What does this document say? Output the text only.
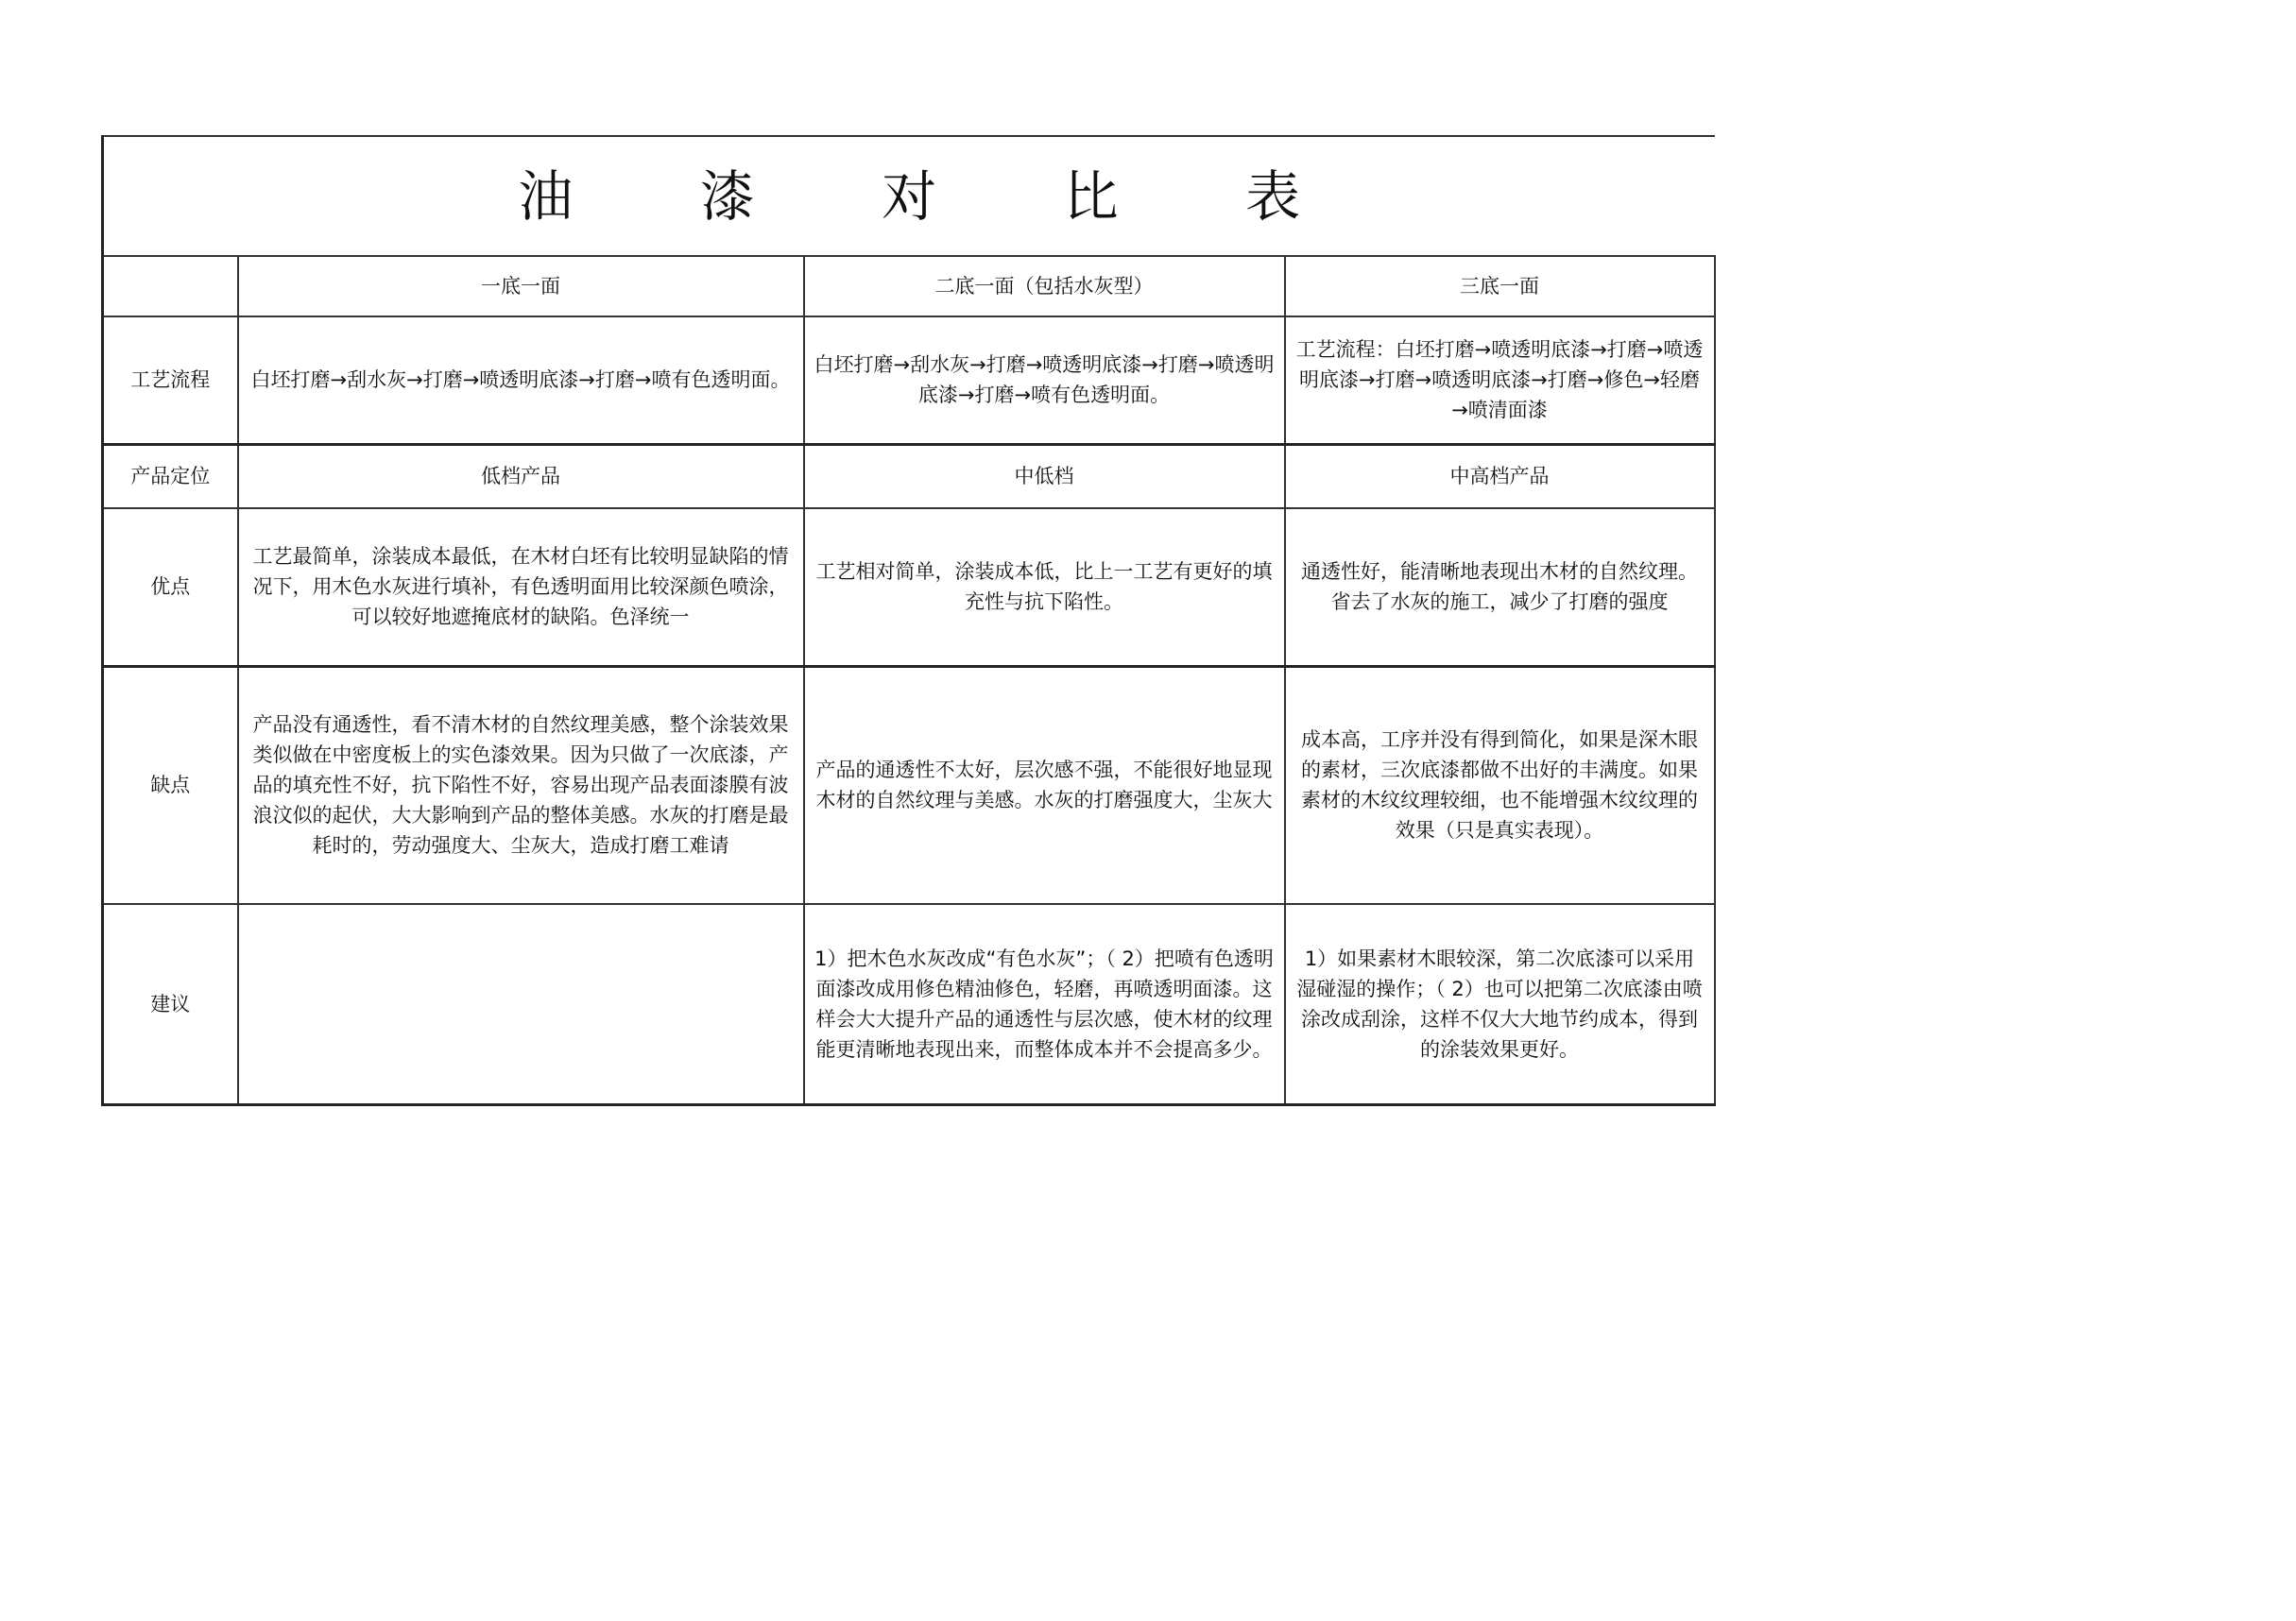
油 漆 对 比 表			
	一底一面	二底一面（包括水灰型）	三底一面
工艺流程	白坯打磨→刮水灰→打磨→喷透明底漆→打磨→喷有色透明面。	白坯打磨→刮水灰→打磨→喷透明底漆→打磨→喷透明底漆→打磨→喷有色透明面。	工艺流程：白坯打磨→喷透明底漆→打磨→喷透明底漆→打磨→喷透明底漆→打磨→修色→轻磨→喷清面漆
产品定位	低档产品	中低档	中高档产品
优点	工艺最简单，涂装成本最低，在木材白坯有比较明显缺陷的情况下，用木色水灰进行填补，有色透明面用比较深颜色喷涂，可以较好地遮掩底材的缺陷。色泽统一	工艺相对简单，涂装成本低，比上一工艺有更好的填充性与抗下陷性。	通透性好，能清晰地表现出木材的自然纹理。省去了水灰的施工，减少了打磨的强度
缺点	产品没有通透性，看不清木材的自然纹理美感，整个涂装效果类似做在中密度板上的实色漆效果。因为只做了一次底漆，产品的填充性不好，抗下陷性不好，容易出现产品表面漆膜有波浪汶似的起伏，大大影响到产品的整体美感。水灰的打磨是最耗时的，劳动强度大、尘灰大，造成打磨工难请	产品的通透性不太好，层次感不强，不能很好地显现木材的自然纹理与美感。水灰的打磨强度大，尘灰大	成本高，工序并没有得到简化，如果是深木眼的素材，三次底漆都做不出好的丰满度。如果素材的木纹纹理较细，也不能增强木纹纹理的效果（只是真实表现）。
建议		1）把木色水灰改成“有色水灰”；（ 2）把喷有色透明面漆改成用修色精油修色，轻磨，再喷透明面漆。这样会大大提升产品的通透性与层次感，使木材的纹理能更清晰地表现出来，而整体成本并不会提高多少。	1）如果素材木眼较深，第二次底漆可以采用湿碰湿的操作；（ 2）也可以把第二次底漆由喷涂改成刮涂，这样不仅大大地节约成本，得到的涂装效果更好。
